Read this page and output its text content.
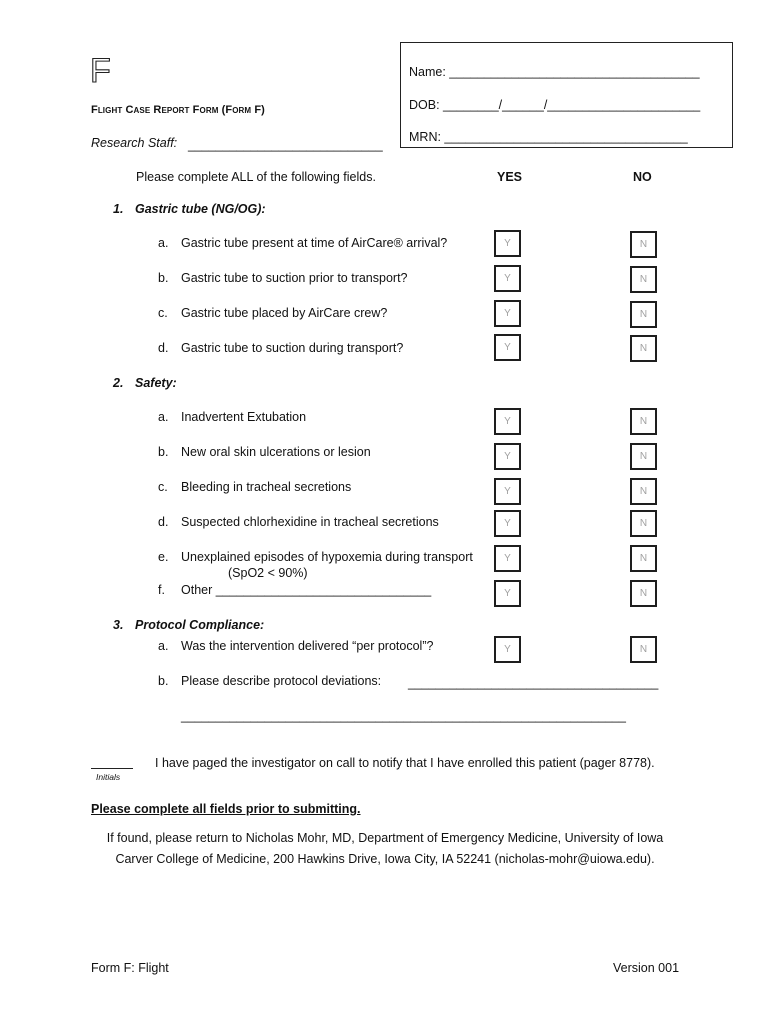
F
Flight Case Report Form (Form F)
Research Staff: ____________________________
Name: ____________________________________
DOB: ________/______/______________________
MRN: ___________________________________
Please complete ALL of the following fields.	YES	NO
1. Gastric tube (NG/OG):
a. Gastric tube present at time of AirCare® arrival?	Y	N
b. Gastric tube to suction prior to transport?	Y	N
c. Gastric tube placed by AirCare crew?	Y	N
d. Gastric tube to suction during transport?	Y	N
2. Safety:
a. Inadvertent Extubation	Y	N
b. New oral skin ulcerations or lesion	Y	N
c. Bleeding in tracheal secretions	Y	N
d. Suspected chlorhexidine in tracheal secretions	Y	N
e. Unexplained episodes of hypoxemia during transport
(SpO2 < 90%)
Y	N
f. Other _______________________________	Y	N
3. Protocol Compliance:
a. Was the intervention delivered “per protocol”?	Y	N
b. Please describe protocol deviations: ____________________________________
________________________________________________________________
Initials
I have paged the investigator on call to notify that I have enrolled this patient (pager 8778).
Please complete all fields prior to submitting.
If found, please return to Nicholas Mohr, MD, Department of Emergency Medicine, University of Iowa
Carver College of Medicine, 200 Hawkins Drive, Iowa City, IA 52241 (nicholas-mohr@uiowa.edu).
Form F: Flight	Version 001
